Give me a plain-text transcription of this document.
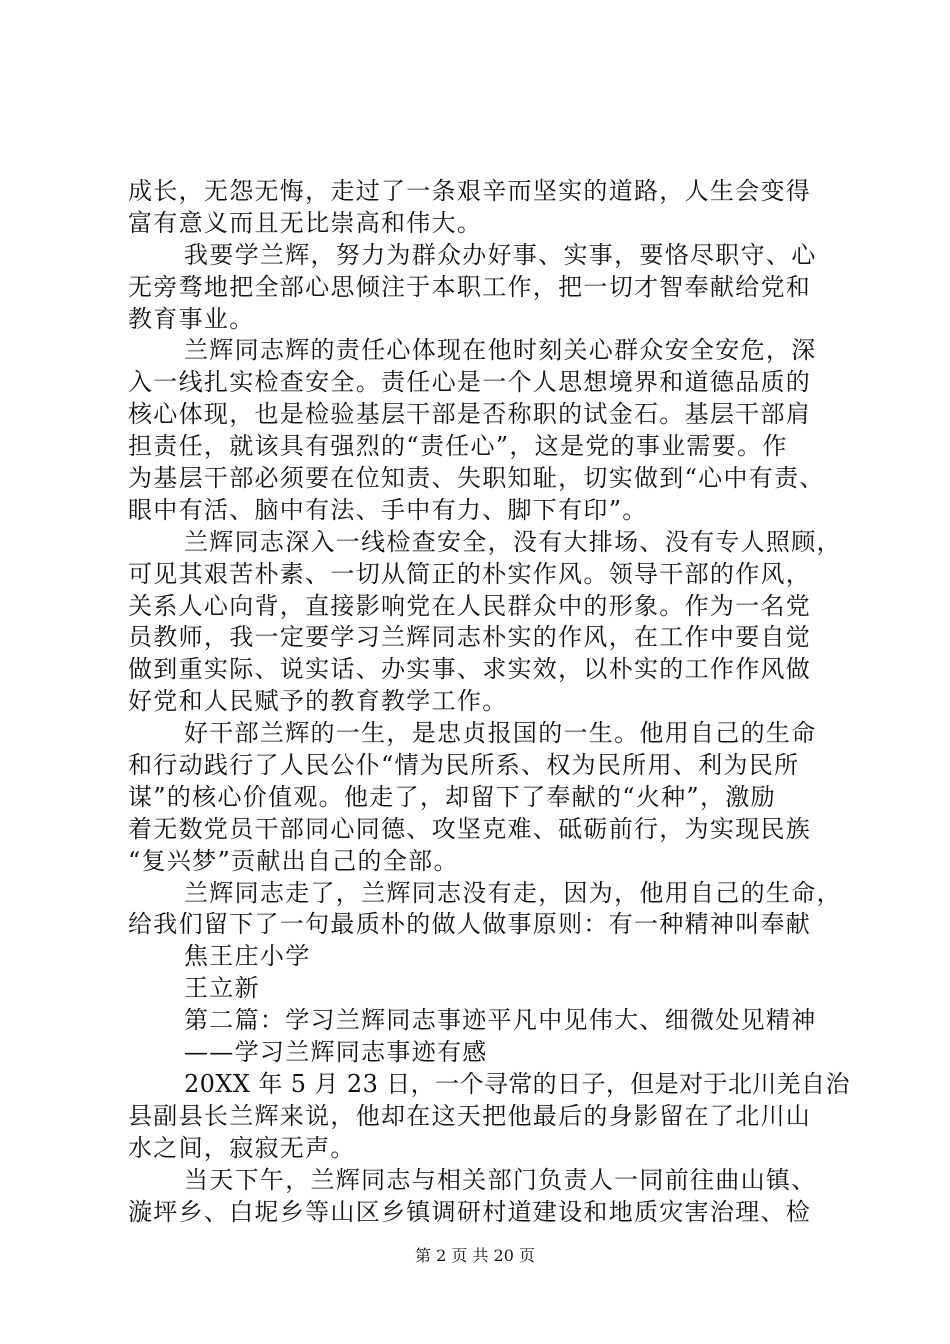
成长，无怨无悔，走过了一条艰辛而坚实的道路，人生会变得
富有意义而且无比崇高和伟大。
我要学兰辉，努力为群众办好事、实事，要恪尽职守、心
无旁骛地把全部心思倾注于本职工作，把一切才智奉献给党和
教育事业。
兰辉同志辉的责任心体现在他时刻关心群众安全安危，深
入一线扎实检查安全。责任心是一个人思想境界和道德品质的
核心体现，也是检验基层干部是否称职的试金石。基层干部肩
担责任，就该具有强烈的“责任心”，这是党的事业需要。作
为基层干部必须要在位知责、失职知耻，切实做到“心中有责、
眼中有活、脑中有法、手中有力、脚下有印”。
兰辉同志深入一线检查安全，没有大排场、没有专人照顾，
可见其艰苦朴素、一切从简正的朴实作风。领导干部的作风，
关系人心向背，直接影响党在人民群众中的形象。作为一名党
员教师，我一定要学习兰辉同志朴实的作风，在工作中要自觉
做到重实际、说实话、办实事、求实效，以朴实的工作作风做
好党和人民赋予的教育教学工作。
好干部兰辉的一生，是忠贞报国的一生。他用自己的生命
和行动践行了人民公仆“情为民所系、权为民所用、利为民所
谋”的核心价值观。他走了，却留下了奉献的“火种”，激励
着无数党员干部同心同德、攻坚克难、砥砺前行，为实现民族
“复兴梦”贡献出自己的全部。
兰辉同志走了，兰辉同志没有走，因为，他用自己的生命，
给我们留下了一句最质朴的做人做事原则：有一种精神叫奉献
焦王庄小学
王立新
第二篇：学习兰辉同志事迹平凡中见伟大、细微处见精神
——学习兰辉同志事迹有感
20XX 年 5 月 23 日，一个寻常的日子，但是对于北川羌自治
县副县长兰辉来说，他却在这天把他最后的身影留在了北川山
水之间，寂寂无声。
当天下午，兰辉同志与相关部门负责人一同前往曲山镇、
漩坪乡、白坭乡等山区乡镇调研村道建设和地质灾害治理、检
第 2 页 共 20 页
